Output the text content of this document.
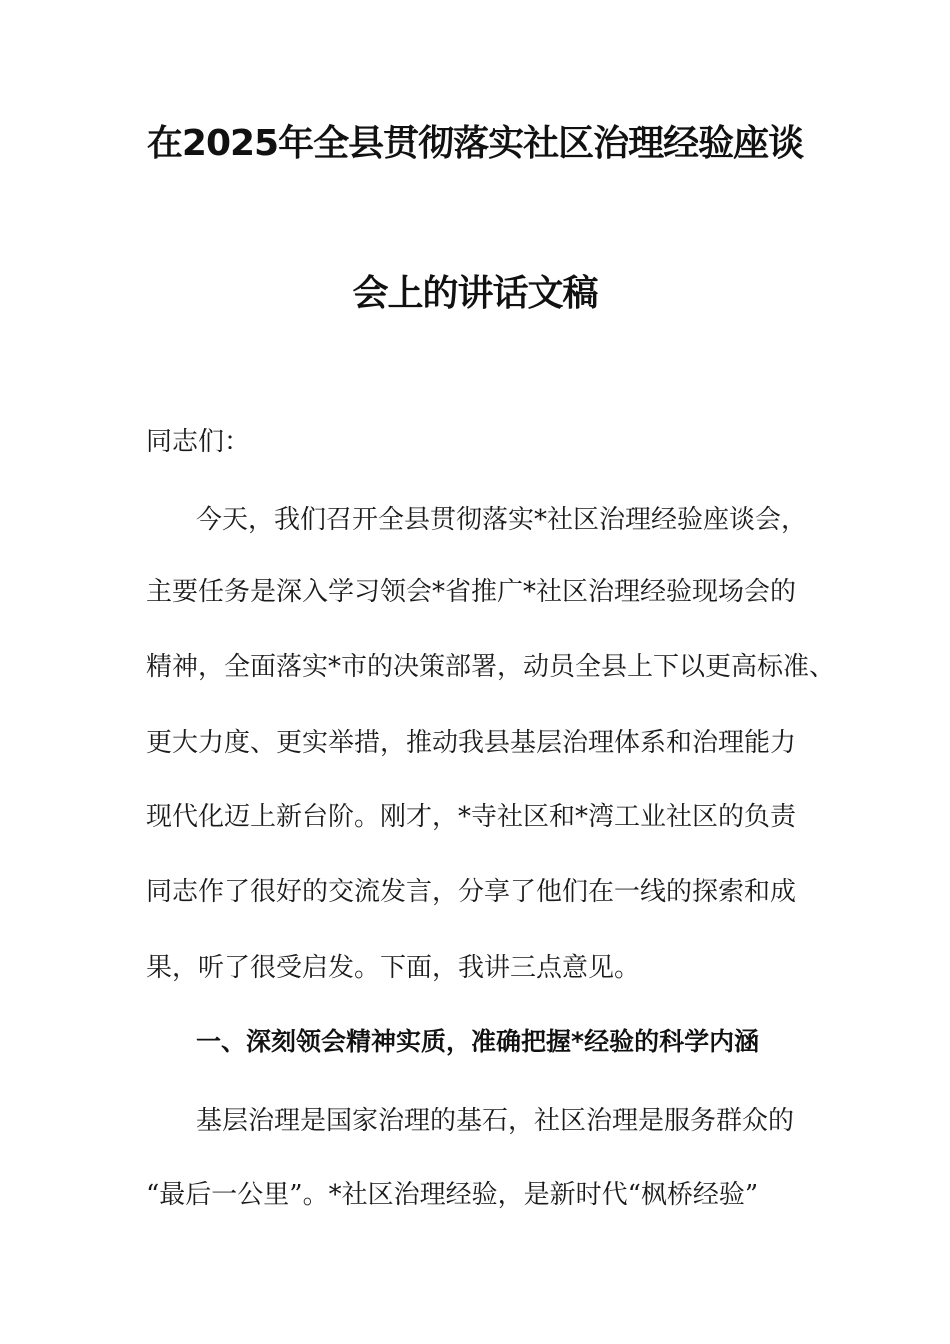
在2025年全县贯彻落实社区治理经验座谈
会上的讲话文稿
同志们：
今天，我们召开全县贯彻落实*社区治理经验座谈会，
主要任务是深入学习领会*省推广*社区治理经验现场会的
精神，全面落实*市的决策部署，动员全县上下以更高标准、
更大力度、更实举措，推动我县基层治理体系和治理能力
现代化迈上新台阶。刚才，*寺社区和*湾工业社区的负责
同志作了很好的交流发言，分享了他们在一线的探索和成
果，听了很受启发。下面，我讲三点意见。
一、深刻领会精神实质，准确把握*经验的科学内涵
基层治理是国家治理的基石，社区治理是服务群众的
“最后一公里”。*社区治理经验，是新时代“枫桥经验”
